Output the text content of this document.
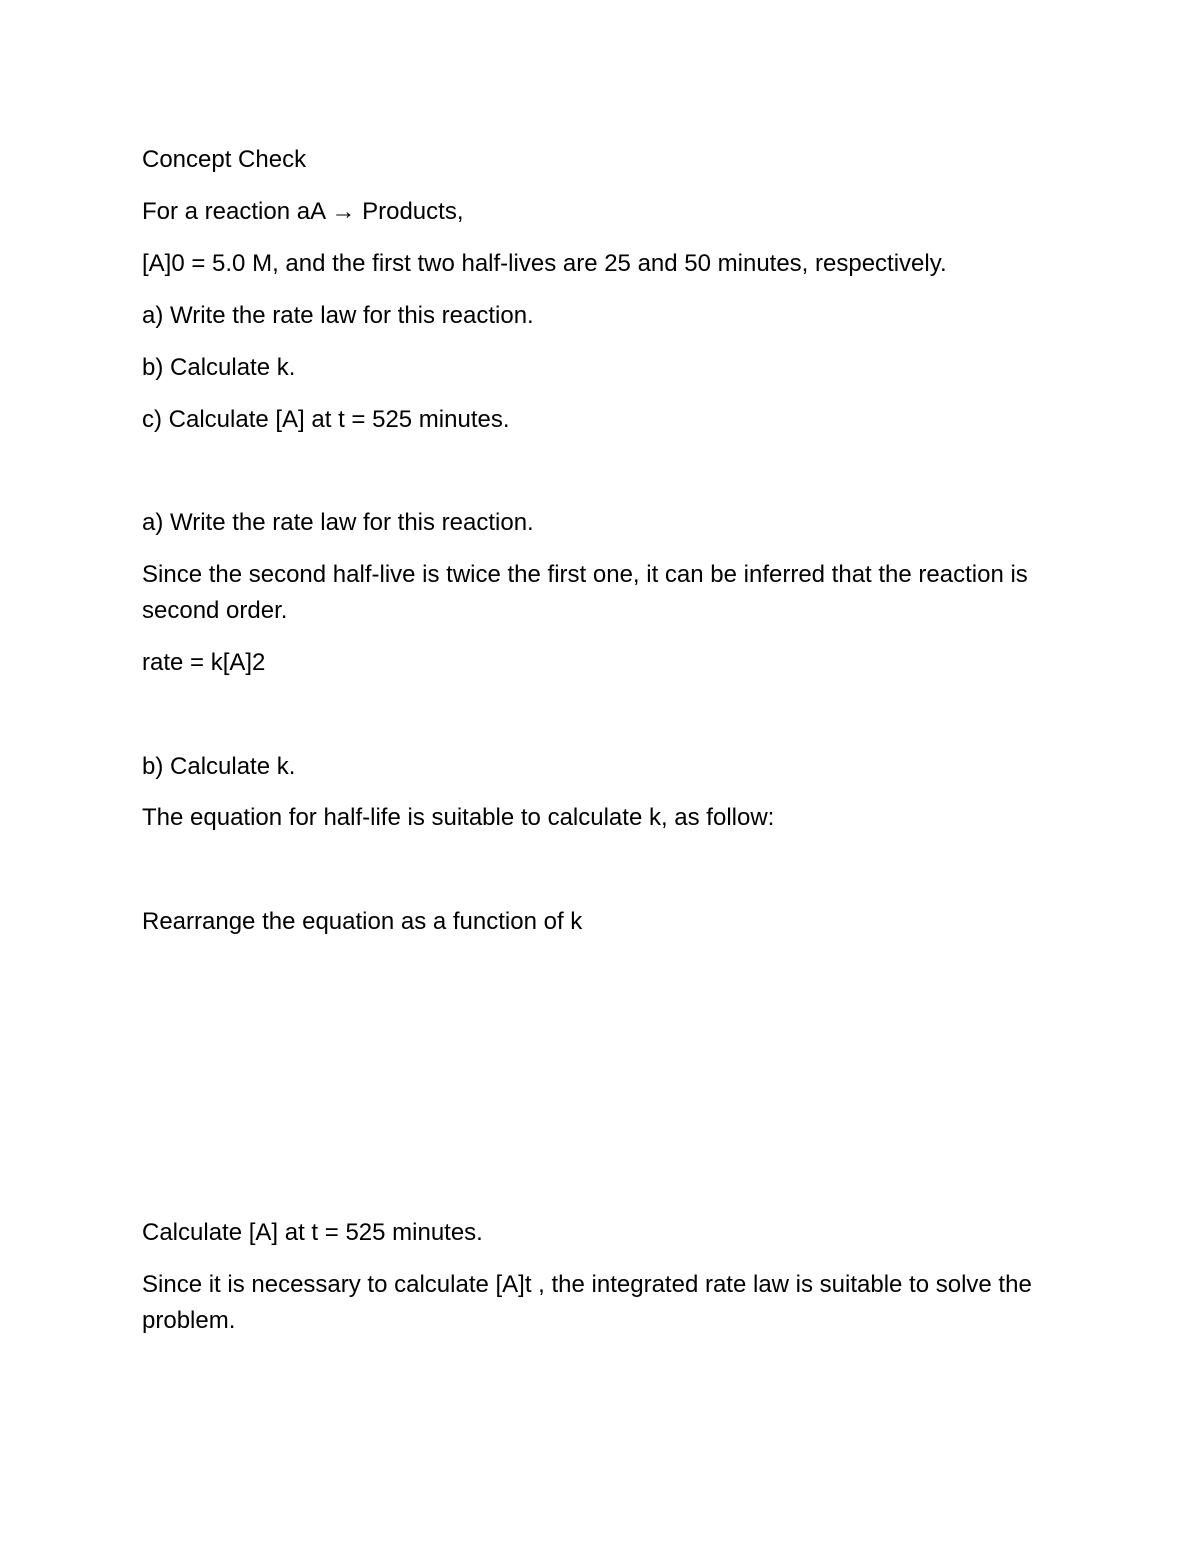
Concept Check

For a reaction aA → Products,

[A]0 = 5.0 M, and the first two half-lives are 25 and 50 minutes, respectively.

a) Write the rate law for this reaction.

b) Calculate k.

c) Calculate [A] at t = 525 minutes.

a) Write the rate law for this reaction.

Since the second half-live is twice the first one, it can be inferred that the reaction is second order.

rate = k[A]2

b) Calculate k.

The equation for half-life is suitable to calculate k, as follow:

Rearrange the equation as a function of k

Calculate [A] at t = 525 minutes.

Since it is necessary to calculate [A]t , the integrated rate law is suitable to solve the problem.
